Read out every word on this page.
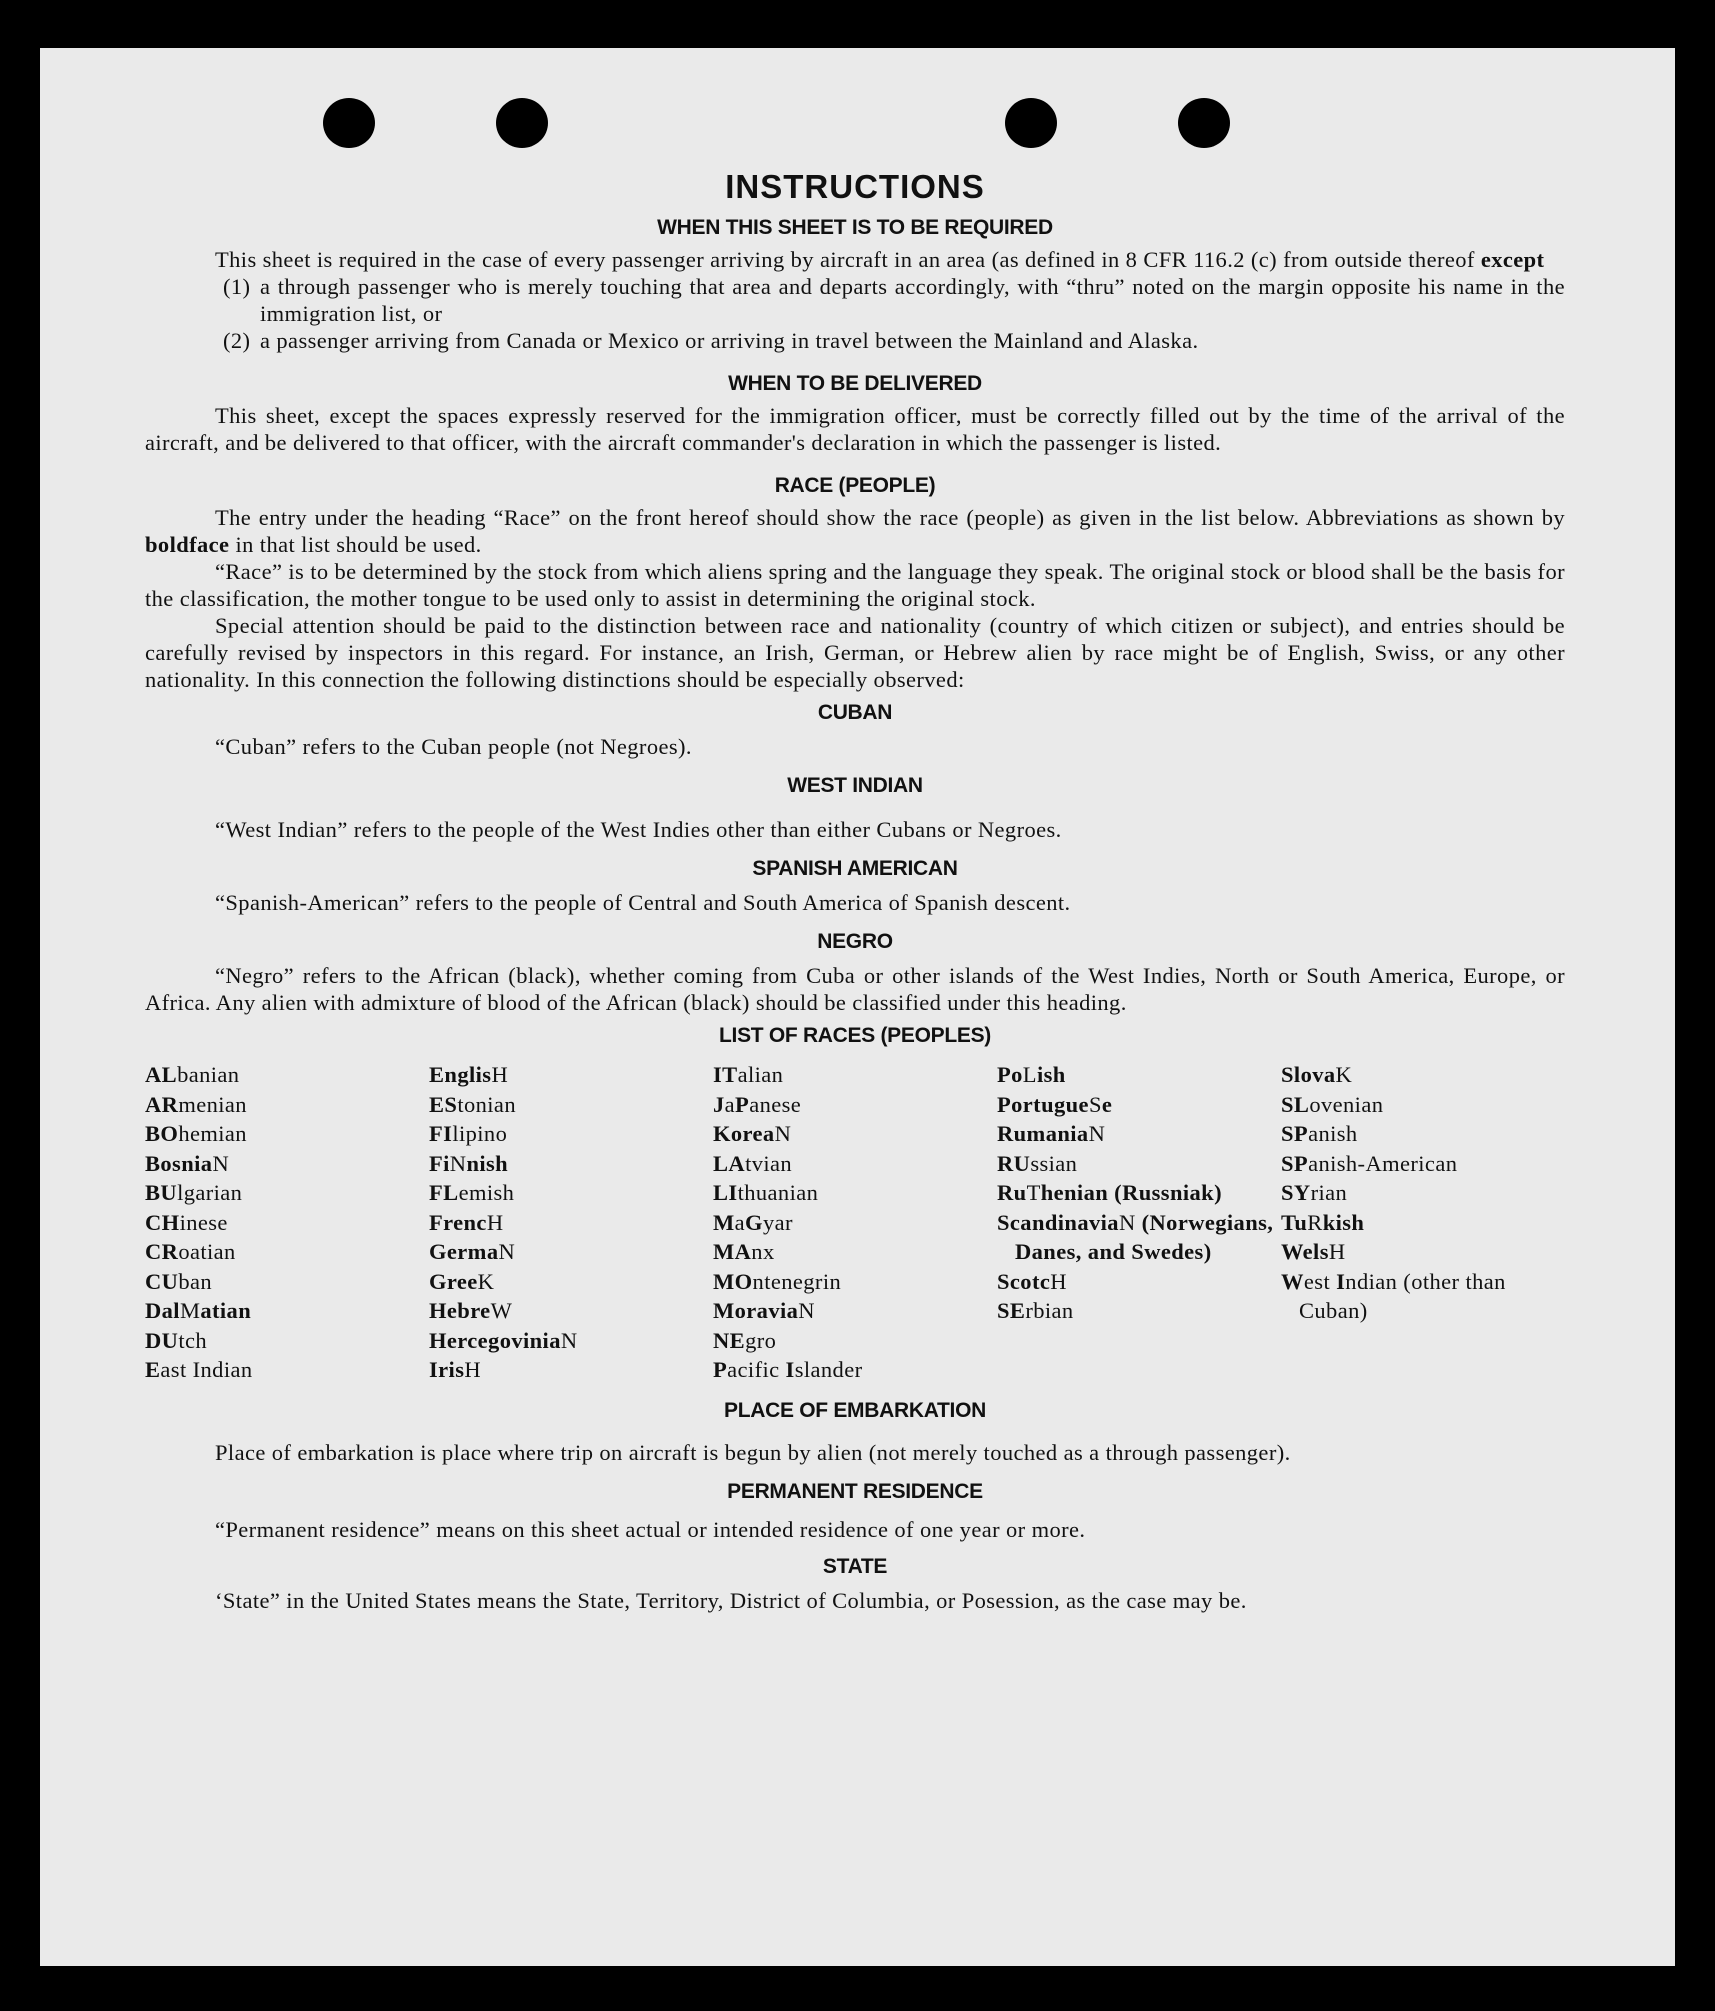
INSTRUCTIONS
WHEN THIS SHEET IS TO BE REQUIRED

This sheet is required in the case of every passenger arriving by aircraft in an area (as defined in 8 CFR 116.2 (c) from outside thereof except

(1) a through passenger who is merely touching that area and departs accordingly, with “thru” noted on the margin opposite his name in the immigration list, or

(2) a passenger arriving from Canada or Mexico or arriving in travel between the Mainland and Alaska.

WHEN TO BE DELIVERED

This sheet, except the spaces expressly reserved for the immigration officer, must be correctly filled out by the time of the arrival of the aircraft, and be delivered to that officer, with the aircraft commander's declaration in which the passenger is listed.

RACE (PEOPLE)

The entry under the heading “Race” on the front hereof should show the race (people) as given in the list below. Abbreviations as shown by boldface in that list should be used.

“Race” is to be determined by the stock from which aliens spring and the language they speak. The original stock or blood shall be the basis for the classification, the mother tongue to be used only to assist in determining the original stock.

Special attention should be paid to the distinction between race and nationality (country of which citizen or subject), and entries should be carefully revised by inspectors in this regard. For instance, an Irish, German, or Hebrew alien by race might be of English, Swiss, or any other nationality. In this connection the following distinctions should be especially observed:

CUBAN

“Cuban” refers to the Cuban people (not Negroes).

WEST INDIAN

“West Indian” refers to the people of the West Indies other than either Cubans or Negroes.

SPANISH AMERICAN

“Spanish-American” refers to the people of Central and South America of Spanish descent.

NEGRO

“Negro” refers to the African (black), whether coming from Cuba or other islands of the West Indies, North or South America, Europe, or Africa. Any alien with admixture of blood of the African (black) should be classified under this heading.

LIST OF RACES (PEOPLES)
ALbanian
ARmenian
BOhemian
BosniaN
BUlgarian
CHinese
CRoatian
CUban
DalMatian
DUtch
East Indian
EnglisH
EStonian
FIlipino
FiNnish
FLemish
FrencH
GermaN
GreeK
HebreW
HercegoviniaN
IrisH
ITalian
JaPanese
KoreaN
LAtvian
LIthuanian
MaGyar
MAnx
MOntenegrin
MoraviaN
NEgro
Pacific Islander
PoLish
PortugueSe
RumaniaN
RUssian
RuThenian (Russniak)
ScandinaviaN (Norwegians, Danes, and Swedes)
ScotcH
SErbian
SlovaK
SLovenian
SPanish
SPanish-American
SYrian
TuRkish
WelsH
West Indian (other than Cuban)
PLACE OF EMBARKATION

Place of embarkation is place where trip on aircraft is begun by alien (not merely touched as a through passenger).

PERMANENT RESIDENCE

“Permanent residence” means on this sheet actual or intended residence of one year or more.

STATE

‘State” in the United States means the State, Territory, District of Columbia, or Posession, as the case may be.
